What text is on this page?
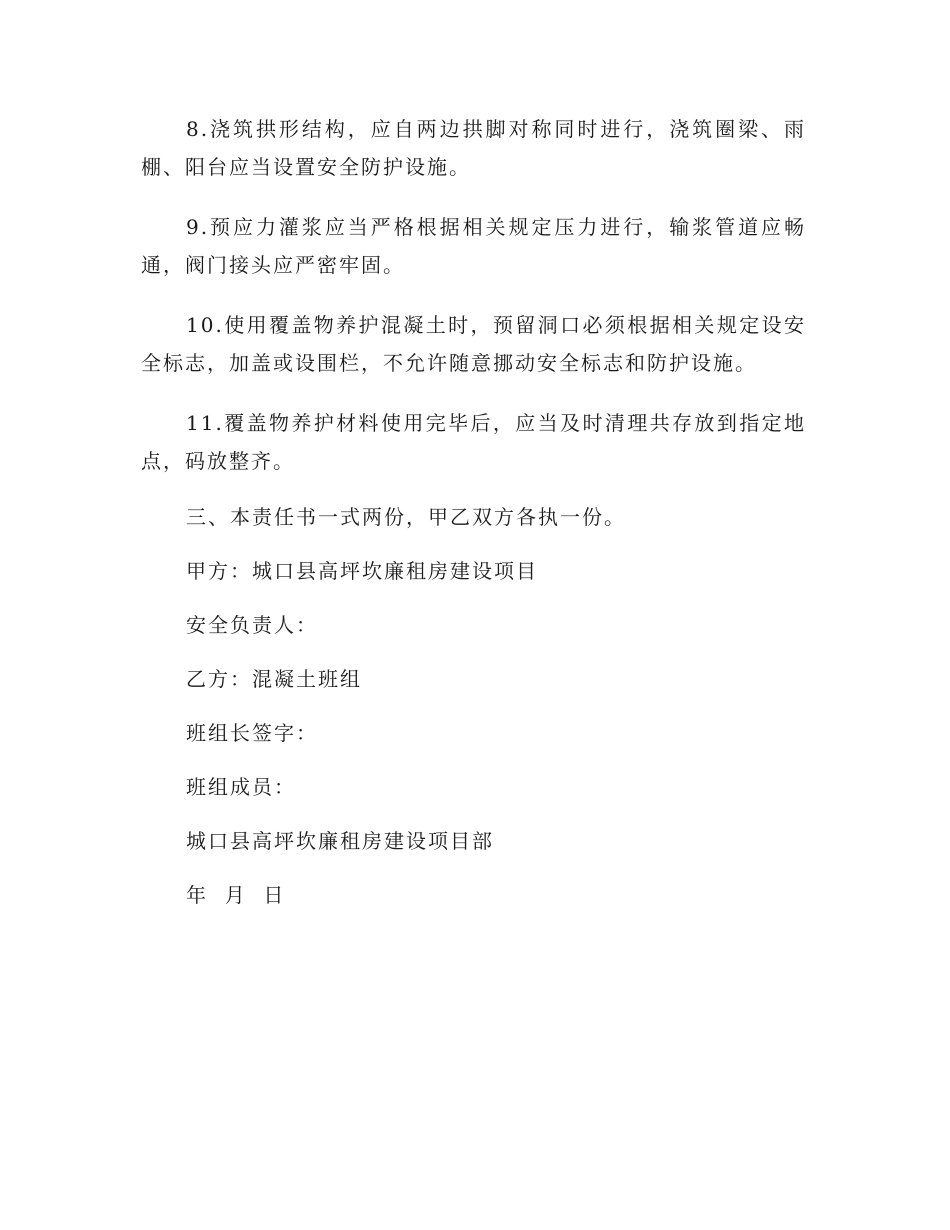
8.浇筑拱形结构，应自两边拱脚对称同时进行，浇筑圈梁、雨棚、阳台应当设置安全防护设施。

9.预应力灌浆应当严格根据相关规定压力进行，输浆管道应畅通，阀门接头应严密牢固。

10.使用覆盖物养护混凝土时，预留洞口必须根据相关规定设安全标志，加盖或设围栏，不允许随意挪动安全标志和防护设施。

11.覆盖物养护材料使用完毕后，应当及时清理共存放到指定地点，码放整齐。

三、本责任书一式两份，甲乙双方各执一份。
甲方：城口县高坪坎廉租房建设项目
安全负责人：
乙方：混凝土班组
班组长签字：
班组成员：
城口县高坪坎廉租房建设项目部
年  月  日
